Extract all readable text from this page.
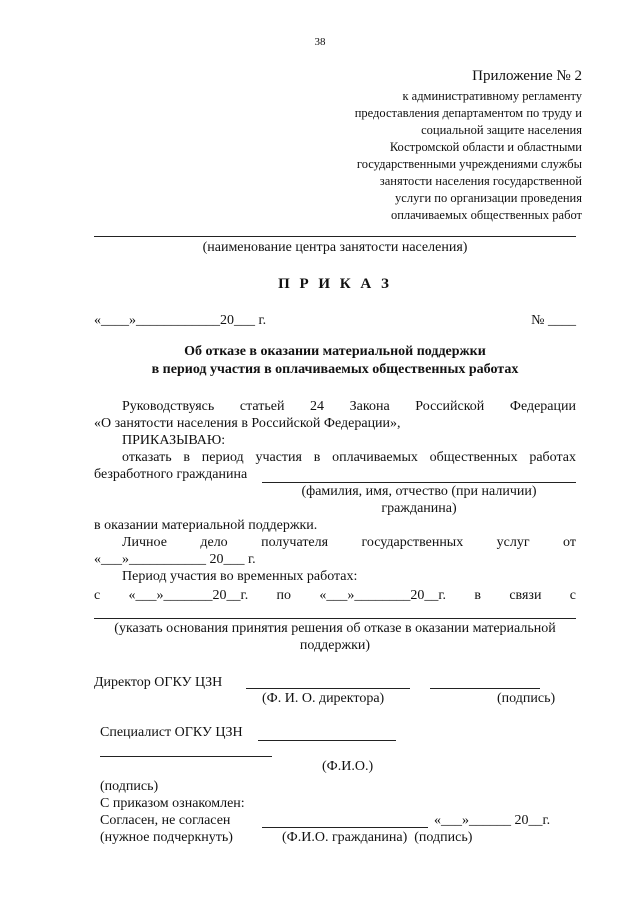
38
Приложение № 2
к административному регламенту
предоставления департаментом по труду и
социальной защите населения
Костромской области и областными
государственными учреждениями службы
занятости населения государственной
услуги по организации проведения
оплачиваемых общественных работ
(наименование центра занятости населения)
П Р И К А З
«____»____________20___ г.	№ ____
Об отказе в оказании материальной поддержки
в период участия в оплачиваемых общественных работах
Руководствуясь статьей 24 Закона Российской Федерации
«О занятости населения в Российской Федерации»,
ПРИКАЗЫВАЮ:
отказать в период участия в оплачиваемых общественных работах
безработного гражданина
(фамилия, имя, отчество (при наличии)
гражданина)
в оказании материальной поддержки.
Личное дело получателя государственных услуг от
«___»___________ 20___ г.
Период участия во временных работах:
с «___»_______20__г. по «___»________20__г. в связи с
(указать основания принятия решения об отказе в оказании материальной
поддержки)
Директор ОГКУ ЦЗН
(Ф. И. О. директора)	(подпись)
Специалист ОГКУ ЦЗН
(Ф.И.О.)
(подпись)
С приказом ознакомлен:
Согласен, не согласен	«___»______ 20__г.
(нужное подчеркнуть)	(Ф.И.О. гражданина)  (подпись)
